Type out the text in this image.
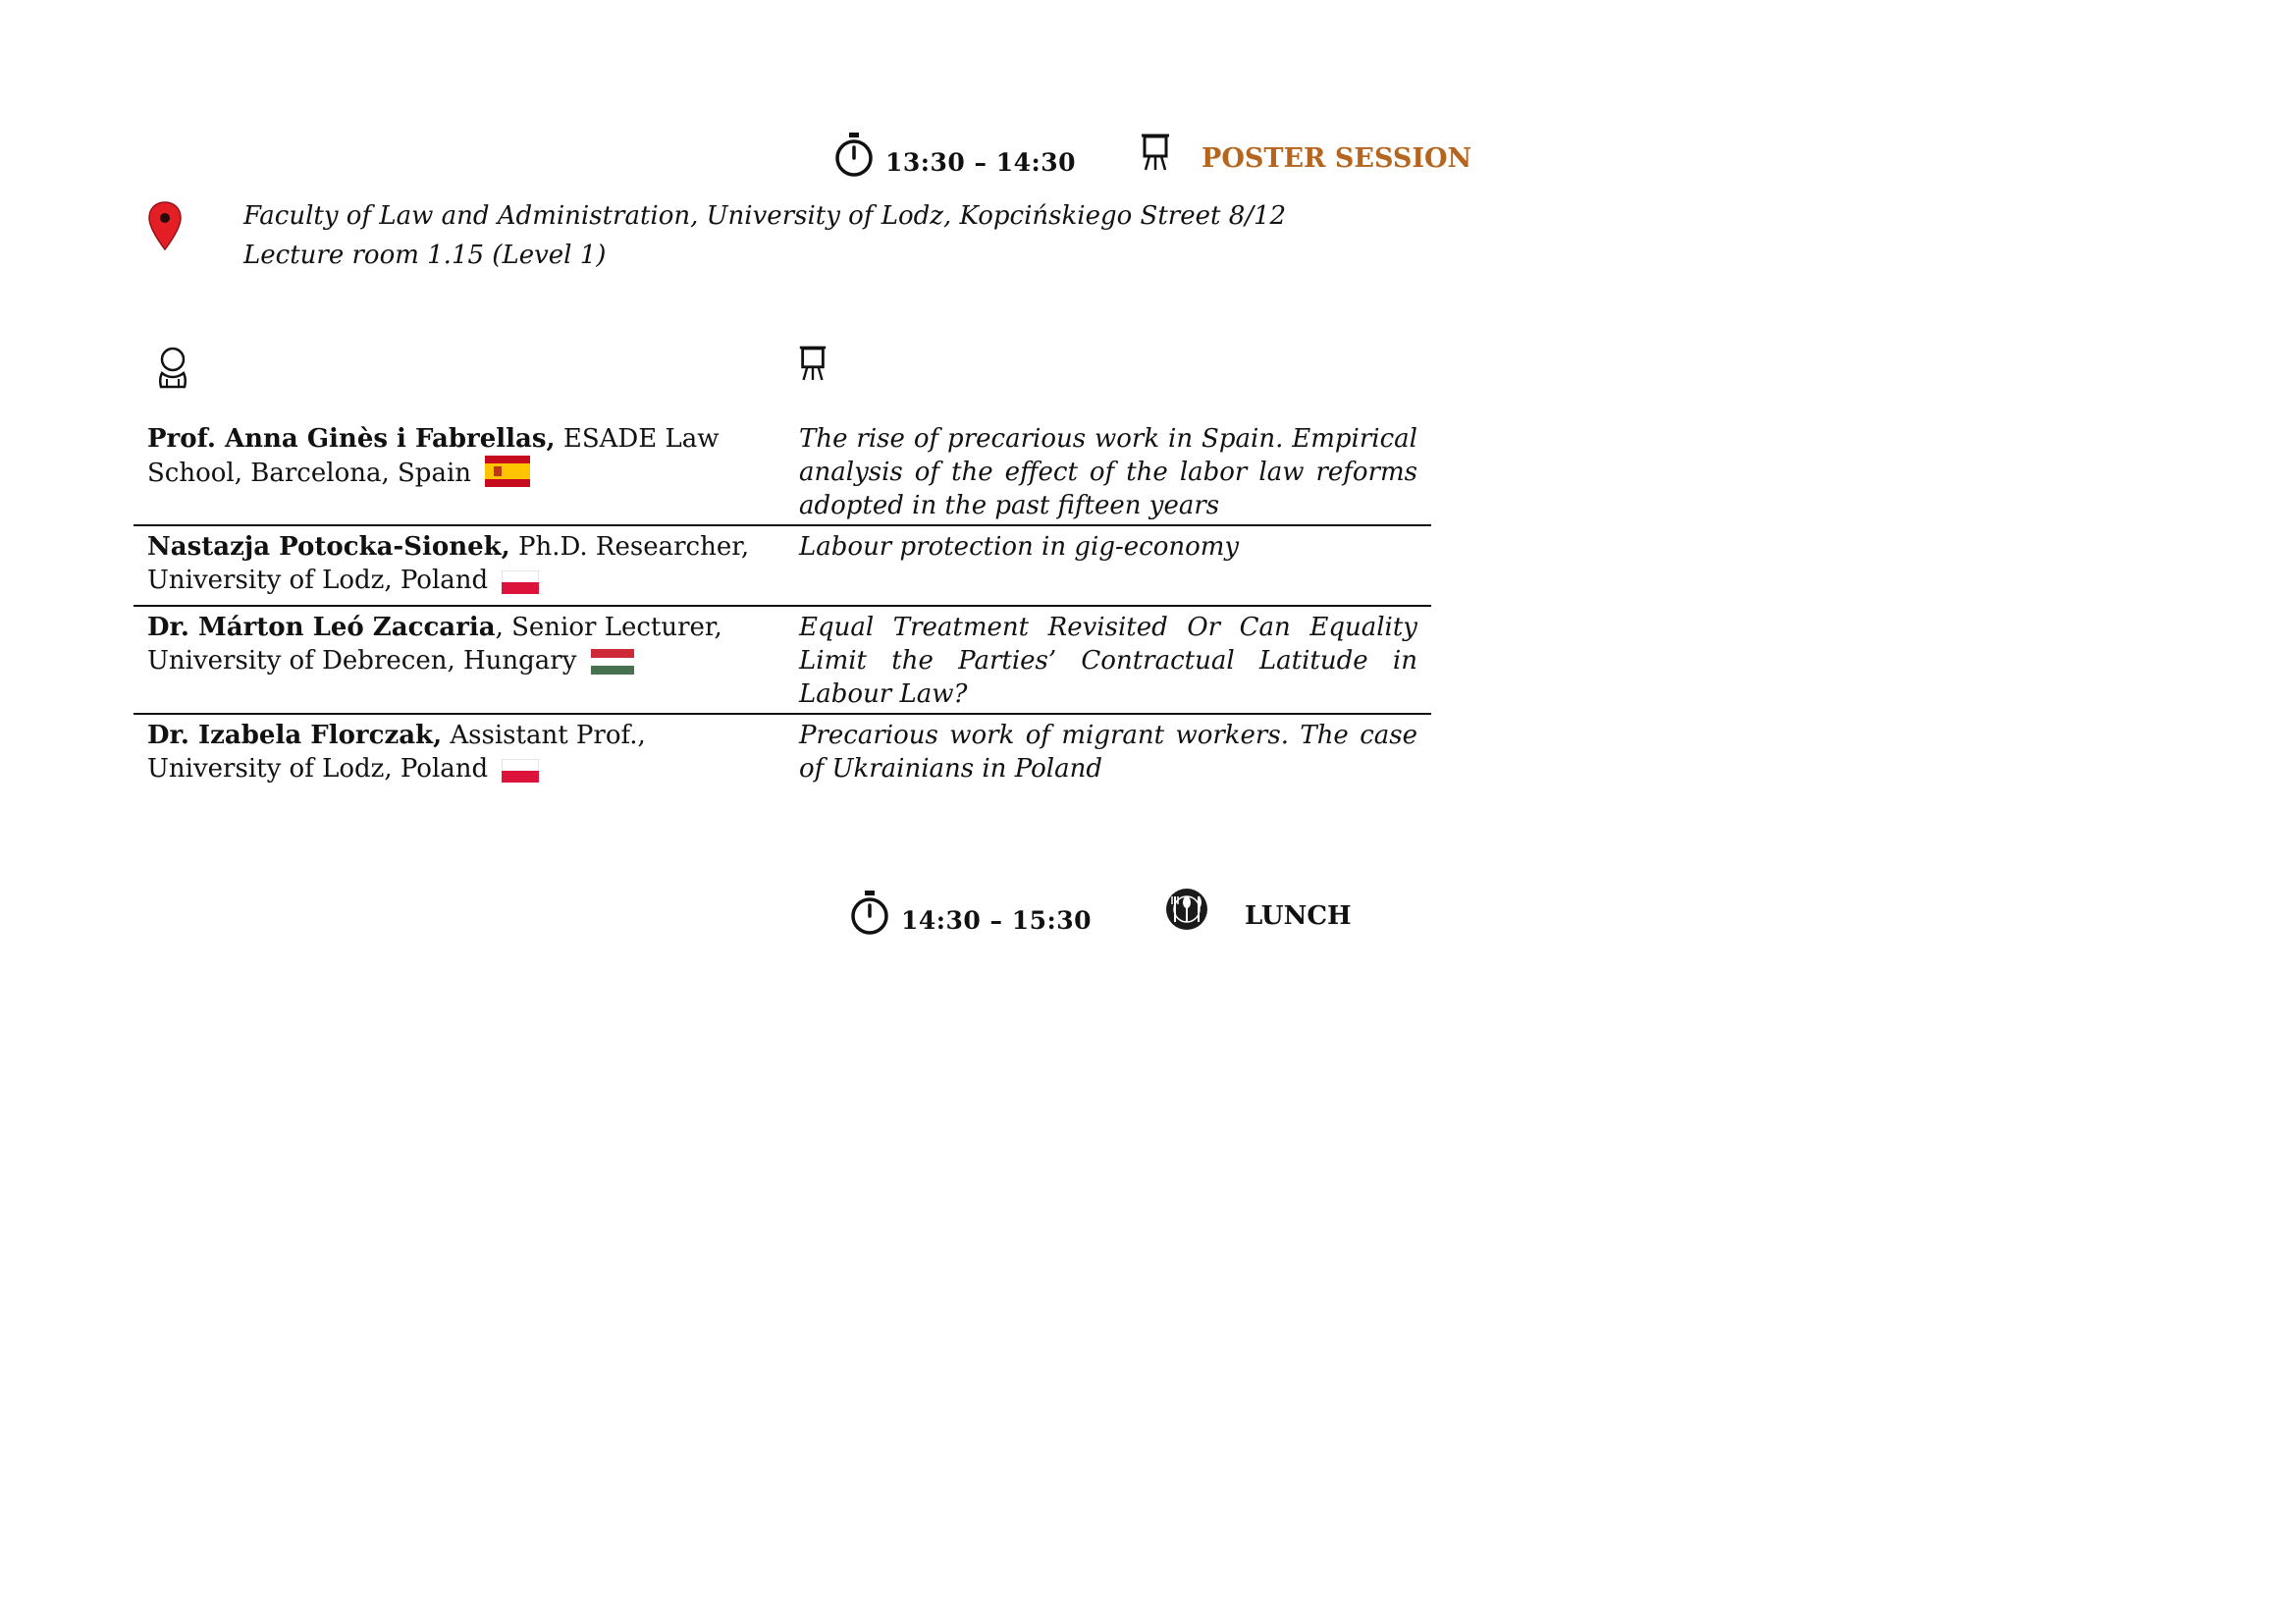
13:30 – 14:30	POSTER SESSION
Faculty of Law and Administration, University of Lodz, Kopcińskiego Street 8/12
Lecture room 1.15 (Level 1)
Prof. Anna Ginès i Fabrellas, ESADE Law School, Barcelona, Spain	The rise of precarious work in Spain. Empirical analysis of the effect of the labor law reforms adopted in the past fifteen years
Nastazja Potocka-Sionek, Ph.D. Researcher, University of Lodz, Poland	Labour protection in gig-economy
Dr. Márton Leó Zaccaria, Senior Lecturer, University of Debrecen, Hungary	Equal Treatment Revisited Or Can Equality Limit the Parties’ Contractual Latitude in Labour Law?
Dr. Izabela Florczak, Assistant Prof., University of Lodz, Poland	Precarious work of migrant workers. The case of Ukrainians in Poland
14:30 – 15:30	LUNCH
